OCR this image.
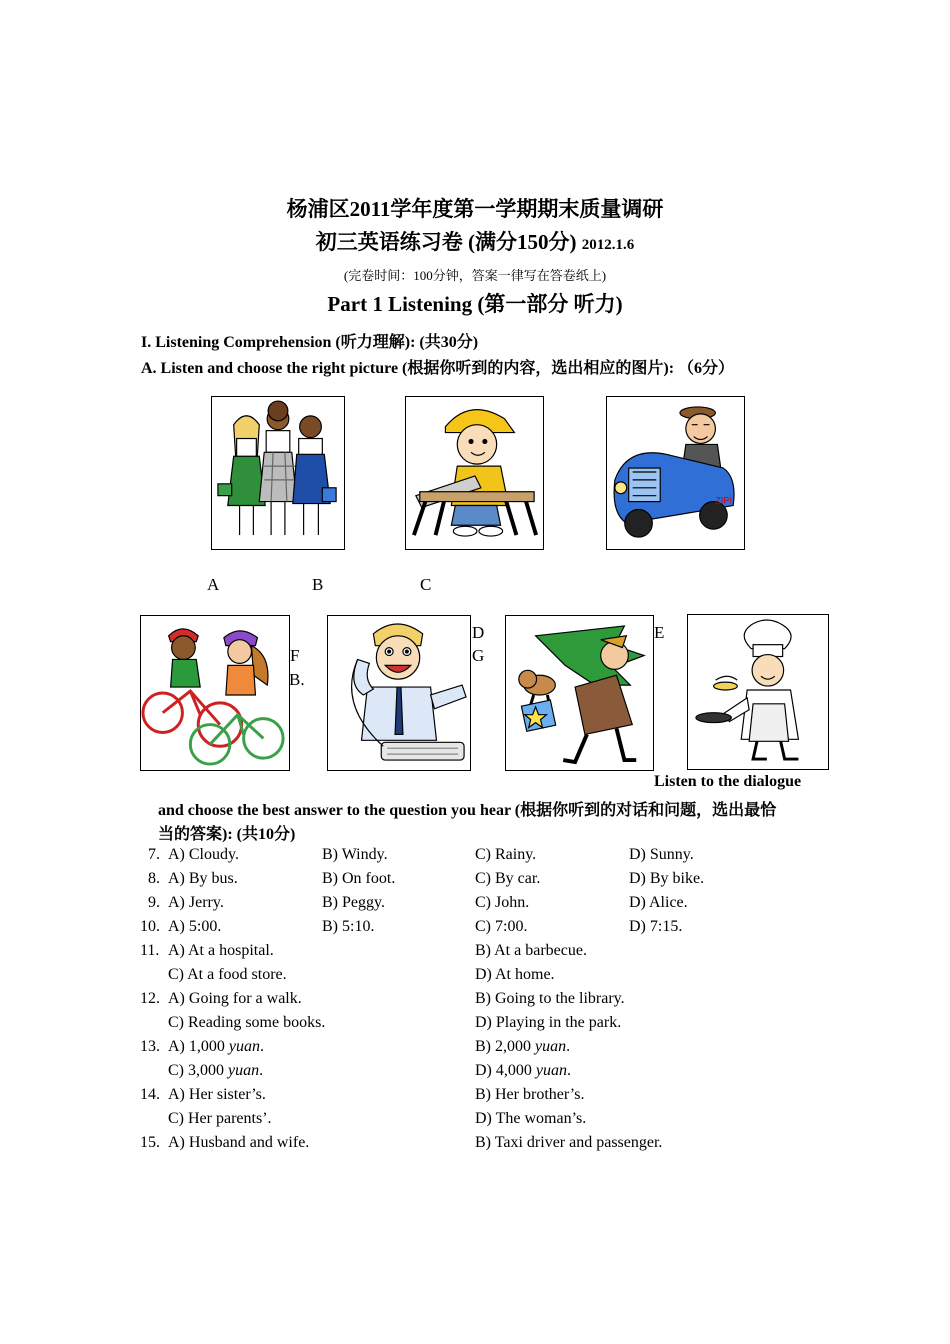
杨浦区2011学年度第一学期期末质量调研
初三英语练习卷 (满分150分) 2012.1.6
(完卷时间：100分钟，答案一律写在答卷纸上)
Part 1 Listening (第一部分 听力)
I. Listening Comprehension (听力理解): (共30分)
A. Listen and choose the right picture (根据你听到的内容，选出相应的图片): （6分）
ZIP!
A	B	C
F
B.
D
G
E
Listen to the dialogue
and choose the best answer to the question you hear (根据你听到的对话和问题，选出最恰
当的答案): (共10分)
7. A) Cloudy.	B) Windy.	C) Rainy.	D) Sunny.
8. A) By bus.	B) On foot.	C) By car.	D) By bike.
9. A) Jerry.	B) Peggy.	C) John.	D) Alice.
10. A) 5:00.	B) 5:10.	C) 7:00.	D) 7:15.
11. A) At a hospital.	B) At a barbecue.
C) At a food store.	D) At home.
12. A) Going for a walk.	B) Going to the library.
C) Reading some books.	D) Playing in the park.
13. A) 1,000 yuan.	B) 2,000 yuan.
C) 3,000 yuan.	D) 4,000 yuan.
14. A) Her sister’s.	B) Her brother’s.
C) Her parents’.	D) The woman’s.
15. A) Husband and wife.	B) Taxi driver and passenger.
